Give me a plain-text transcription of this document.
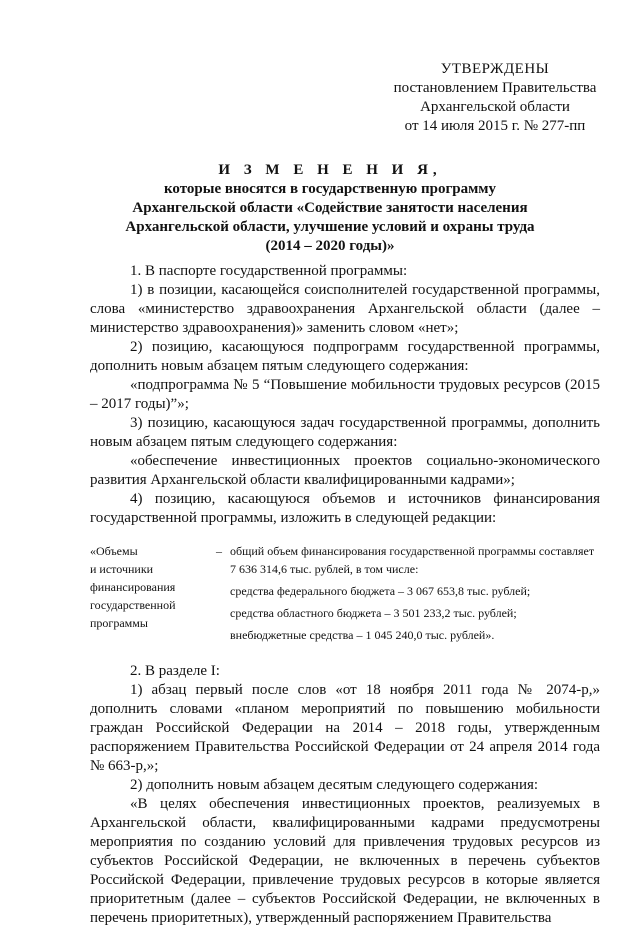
УТВЕРЖДЕНЫ
постановлением Правительства
Архангельской области
от 14 июля 2015 г. № 277-пп
И З М Е Н Е Н И Я,
которые вносятся в государственную программу
Архангельской области «Содействие занятости населения
Архангельской области, улучшение условий и охраны труда
(2014 – 2020 годы)»

1. В паспорте государственной программы:

1) в позиции, касающейся соисполнителей государственной программы, слова «министерство здравоохранения Архангельской области (далее – министерство здравоохранения)» заменить словом «нет»;

2) позицию, касающуюся подпрограмм государственной программы, дополнить новым абзацем пятым следующего содержания:

«подпрограмма № 5 “Повышение мобильности трудовых ресурсов (2015 – 2017 годы)”»;

3) позицию, касающуюся задач государственной программы, дополнить новым абзацем пятым следующего содержания:

«обеспечение инвестиционных проектов социально-экономического развития Архангельской области квалифицированными кадрами»;

4) позицию, касающуюся объемов и источников финансирования государственной программы, изложить в следующей редакции:

«Объемы
и источники
финансирования
государственной
программы
– общий объем финансирования государственной программы составляет 7 636 314,6 тыс. рублей, в том числе:
средства федерального бюджета – 3 067 653,8 тыс. рублей;
средства областного бюджета – 3 501 233,2 тыс. рублей;
внебюджетные средства – 1 045 240,0 тыс. рублей».

2. В разделе I:

1) абзац первый после слов «от 18 ноября 2011 года № 2074-р,» дополнить словами «планом мероприятий по повышению мобильности граждан Российской Федерации на 2014 – 2018 годы, утвержденным распоряжением Правительства Российской Федерации от 24 апреля 2014 года № 663-р,»;

2) дополнить новым абзацем десятым следующего содержания:

«В целях обеспечения инвестиционных проектов, реализуемых в Архангельской области, квалифицированными кадрами предусмотрены мероприятия по созданию условий для привлечения трудовых ресурсов из субъектов Российской Федерации, не включенных в перечень субъектов Российской Федерации, привлечение трудовых ресурсов в которые является приоритетным (далее – субъектов Российской Федерации, не включенных в перечень приоритетных), утвержденный распоряжением Правительства
